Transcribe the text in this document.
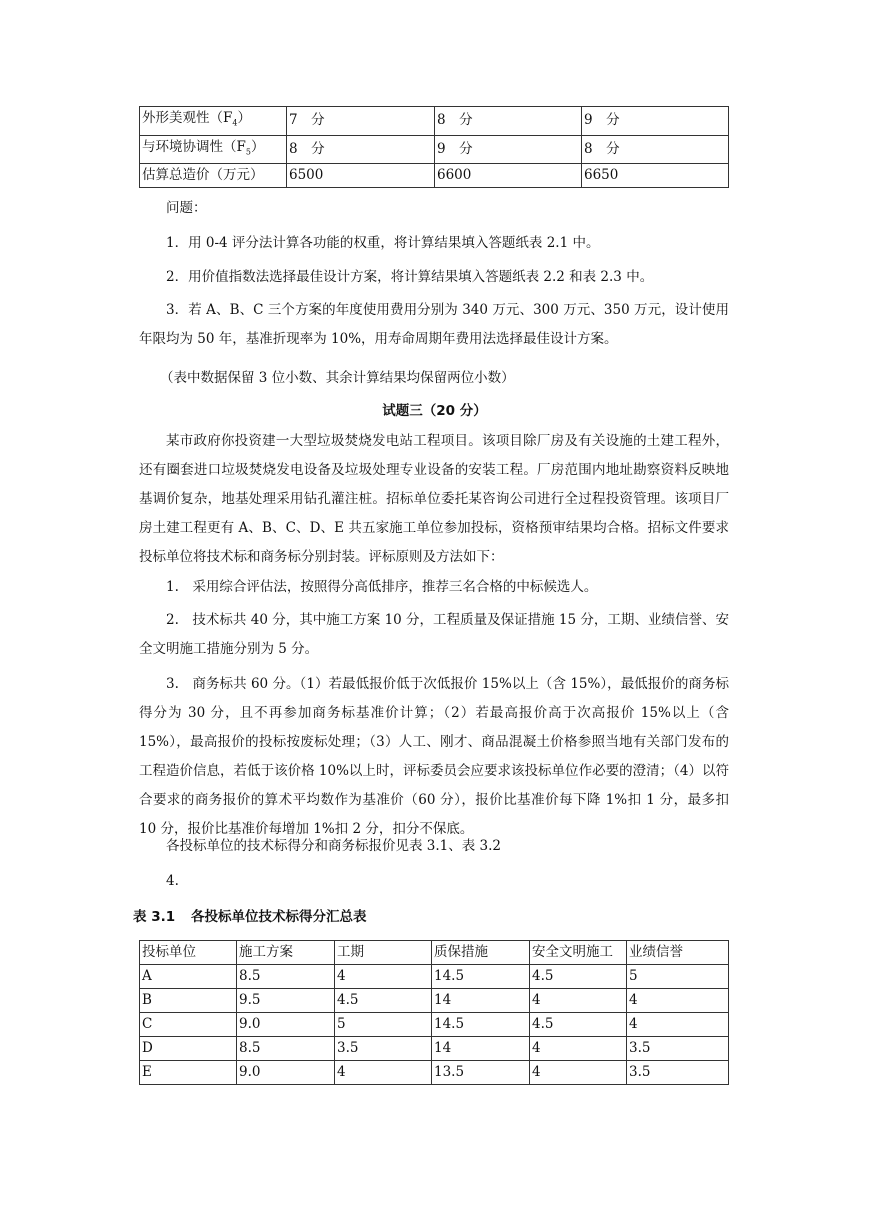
外形美观性$(F_4)$	7　分	8　分	9　分
与环境协调性$(F_5)$	8　分	9　分	8　分
估算总造价（万元）	6500	6600	6650
问题：
1．用 0-4 评分法计算各功能的权重，将计算结果填入答题纸表 2.1 中。
2．用价值指数法选择最佳设计方案，将计算结果填入答题纸表 2.2 和表 2.3 中。
3．若 A、B、C 三个方案的年度使用费用分别为 340 万元、300 万元、350 万元，设计使用年限均为 50 年，基准折现率为 10%，用寿命周期年费用法选择最佳设计方案。
（表中数据保留 3 位小数、其余计算结果均保留两位小数）
试题三（20 分）
某市政府你投资建一大型垃圾焚烧发电站工程项目。该项目除厂房及有关设施的土建工程外，还有圈套进口垃圾焚烧发电设备及垃圾处理专业设备的安装工程。厂房范围内地址勘察资料反映地基调价复杂，地基处理采用钻孔灌注桩。招标单位委托某咨询公司进行全过程投资管理。该项目厂房土建工程更有 A、B、C、D、E 共五家施工单位参加投标，资格预审结果均合格。招标文件要求投标单位将技术标和商务标分别封装。评标原则及方法如下：
1.　采用综合评估法，按照得分高低排序，推荐三名合格的中标候选人。
2.　技术标共 40 分，其中施工方案 10 分，工程质量及保证措施 15 分，工期、业绩信誉、安全文明施工措施分别为 5 分。
3.　商务标共 60 分。（1）若最低报价低于次低报价 15%以上（含 15%），最低报价的商务标得分为 30 分，且不再参加商务标基准价计算；（2）若最高报价高于次高报价 15%以上（含 15%），最高报价的投标按废标处理；（3）人工、刚才、商品混凝土价格参照当地有关部门发布的工程造价信息，若低于该价格 10%以上时，评标委员会应要求该投标单位作必要的澄清；（4）以符合要求的商务报价的算术平均数作为基准价（60 分），报价比基准价每下降 1%扣 1 分，最多扣 10 分，报价比基准价每增加 1%扣 2 分，扣分不保底。
各投标单位的技术标得分和商务标报价见表 3.1、表 3.2
4.
表 3.1 各投标单位技术标得分汇总表
投标单位	施工方案	工期	质保措施	安全文明施工	业绩信誉
A	8.5	4	14.5	4.5	5
B	9.5	4.5	14	4	4
C	9.0	5	14.5	4.5	4
D	8.5	3.5	14	4	3.5
E	9.0	4	13.5	4	3.5
